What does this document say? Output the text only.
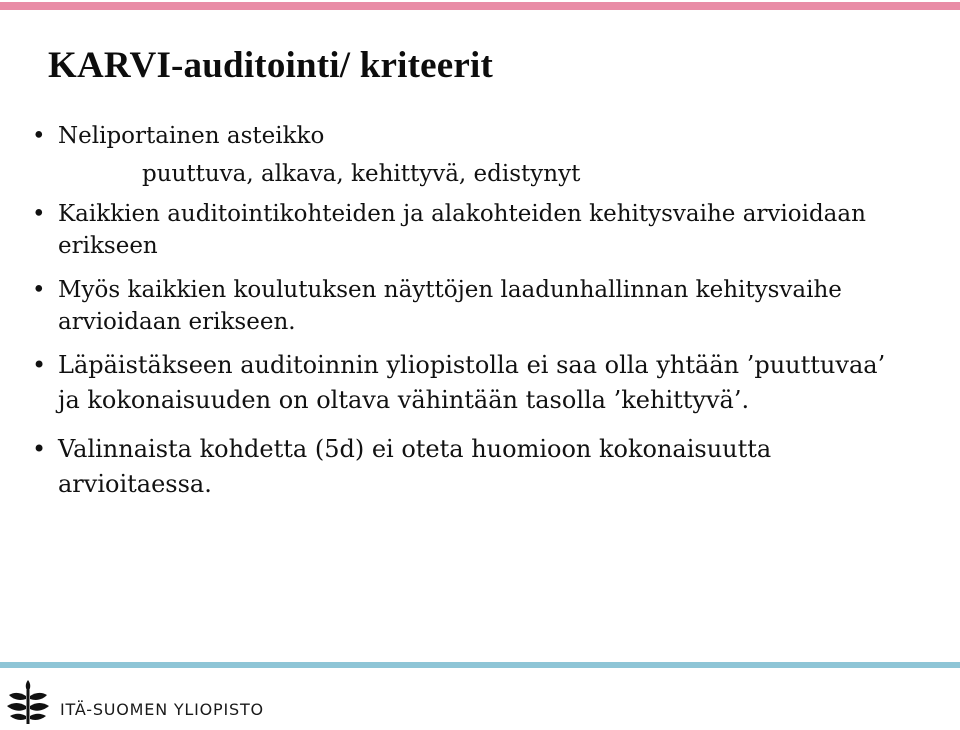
KARVI-auditointi/ kriteerit
• Neliportainen asteikko
puuttuva, alkava, kehittyvä, edistynyt
• Kaikkien auditointikohteiden ja alakohteiden kehitysvaihe arvioidaan erikseen
• Myös kaikkien koulutuksen näyttöjen laadunhallinnan kehitysvaihe arvioidaan erikseen.
• Läpäistäkseen auditoinnin yliopistolla ei saa olla yhtään ’puuttuvaa’ ja kokonaisuuden on oltava vähintään tasolla ’kehittyvä’.
• Valinnaista kohdetta (5d) ei oteta huomioon kokonaisuutta arvioitaessa.
ITÄ-SUOMEN YLIOPISTO
